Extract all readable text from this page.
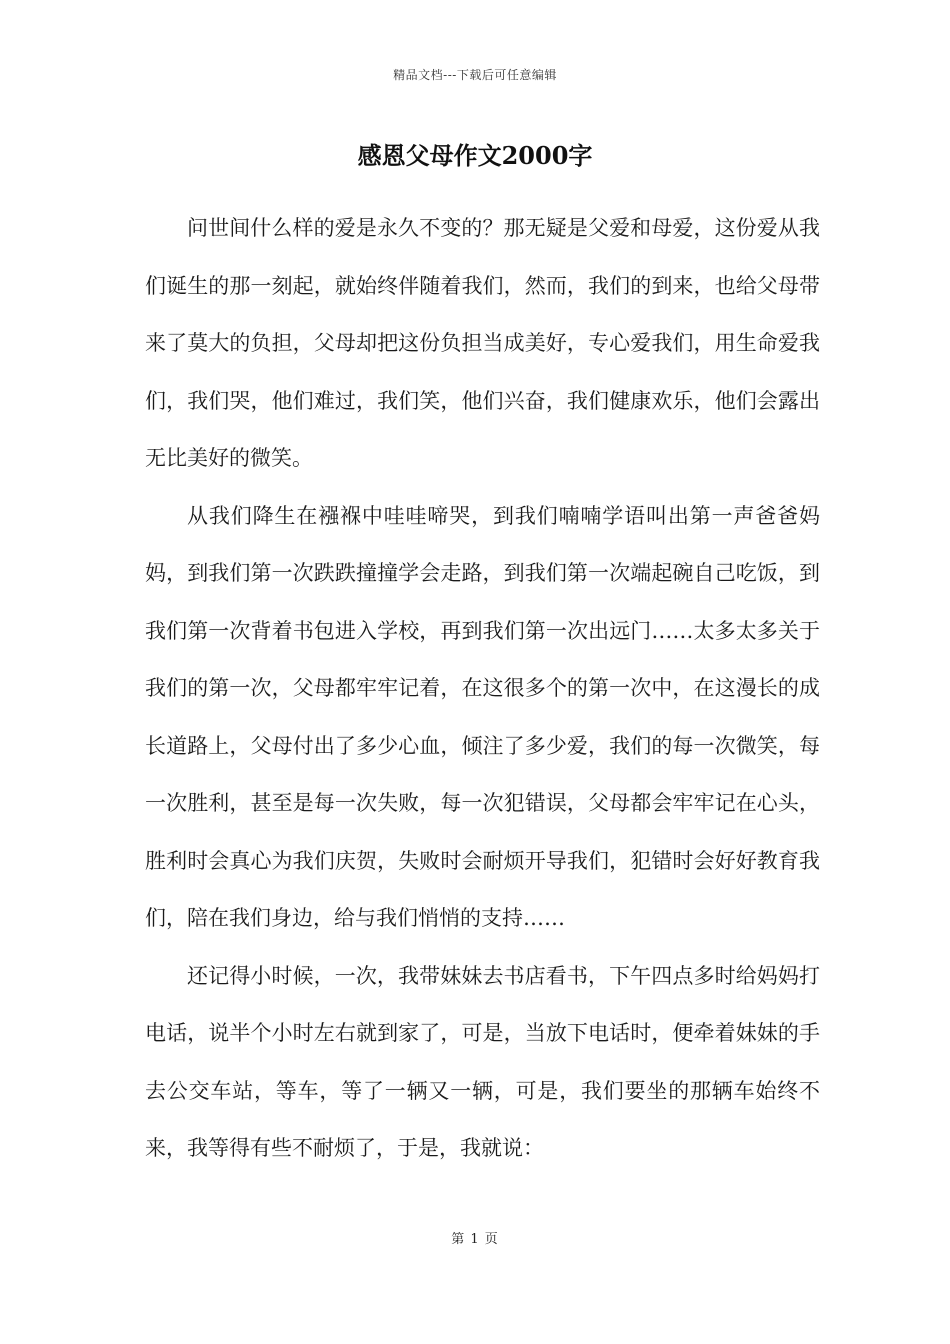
精品文档---下载后可任意编辑
感恩父母作文2000字

问世间什么样的爱是永久不变的？那无疑是父爱和母爱，这份爱从我们诞生的那一刻起，就始终伴随着我们，然而，我们的到来，也给父母带来了莫大的负担，父母却把这份负担当成美好，专心爱我们，用生命爱我们，我们哭，他们难过，我们笑，他们兴奋，我们健康欢乐，他们会露出无比美好的微笑。

从我们降生在襁褓中哇哇啼哭，到我们喃喃学语叫出第一声爸爸妈妈，到我们第一次跌跌撞撞学会走路，到我们第一次端起碗自己吃饭，到我们第一次背着书包进入学校，再到我们第一次出远门……太多太多关于我们的第一次，父母都牢牢记着，在这很多个的第一次中，在这漫长的成长道路上，父母付出了多少心血，倾注了多少爱，我们的每一次微笑，每一次胜利，甚至是每一次失败，每一次犯错误，父母都会牢牢记在心头，胜利时会真心为我们庆贺，失败时会耐烦开导我们，犯错时会好好教育我们，陪在我们身边，给与我们悄悄的支持……

还记得小时候，一次，我带妹妹去书店看书，下午四点多时给妈妈打电话，说半个小时左右就到家了，可是，当放下电话时，便牵着妹妹的手去公交车站，等车，等了一辆又一辆，可是，我们要坐的那辆车始终不来，我等得有些不耐烦了，于是，我就说：

第 1 页
